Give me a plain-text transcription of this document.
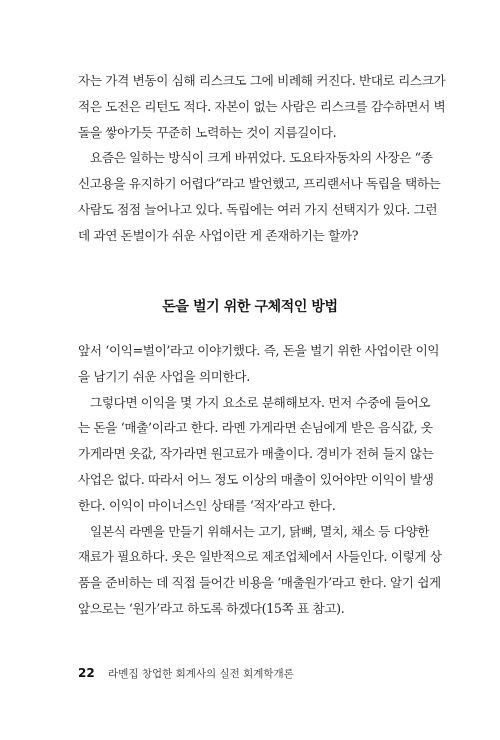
자는 가격 변동이 심해 리스크도 그에 비례해 커진다. 반대로 리스크가
적은 도전은 리턴도 적다. 자본이 없는 사람은 리스크를 감수하면서 벽
돌을 쌓아가듯 꾸준히 노력하는 것이 지름길이다.
요즘은 일하는 방식이 크게 바뀌었다. 도요타자동차의 사장은 “종
신고용을 유지하기 어렵다”라고 발언했고, 프리랜서나 독립을 택하는
사람도 점점 늘어나고 있다. 독립에는 여러 가지 선택지가 있다. 그런
데 과연 돈벌이가 쉬운 사업이란 게 존재하기는 할까?
돈을 벌기 위한 구체적인 방법
앞서 ‘이익=벌이’라고 이야기했다. 즉, 돈을 벌기 위한 사업이란 이익
을 남기기 쉬운 사업을 의미한다.
그렇다면 이익을 몇 가지 요소로 분해해보자. 먼저 수중에 들어오
는 돈을 ‘매출’이라고 한다. 라멘 가게라면 손님에게 받은 음식값, 옷
가게라면 옷값, 작가라면 원고료가 매출이다. 경비가 전혀 들지 않는
사업은 없다. 따라서 어느 정도 이상의 매출이 있어야만 이익이 발생
한다. 이익이 마이너스인 상태를 ‘적자’라고 한다.
일본식 라멘을 만들기 위해서는 고기, 닭뼈, 멸치, 채소 등 다양한
재료가 필요하다. 옷은 일반적으로 제조업체에서 사들인다. 이렇게 상
품을 준비하는 데 직접 들어간 비용을 ‘매출원가’라고 한다. 알기 쉽게
앞으로는 ‘원가’라고 하도록 하겠다(15쪽 표 참고).
22 라멘집 창업한 회계사의 실전 회계학개론
